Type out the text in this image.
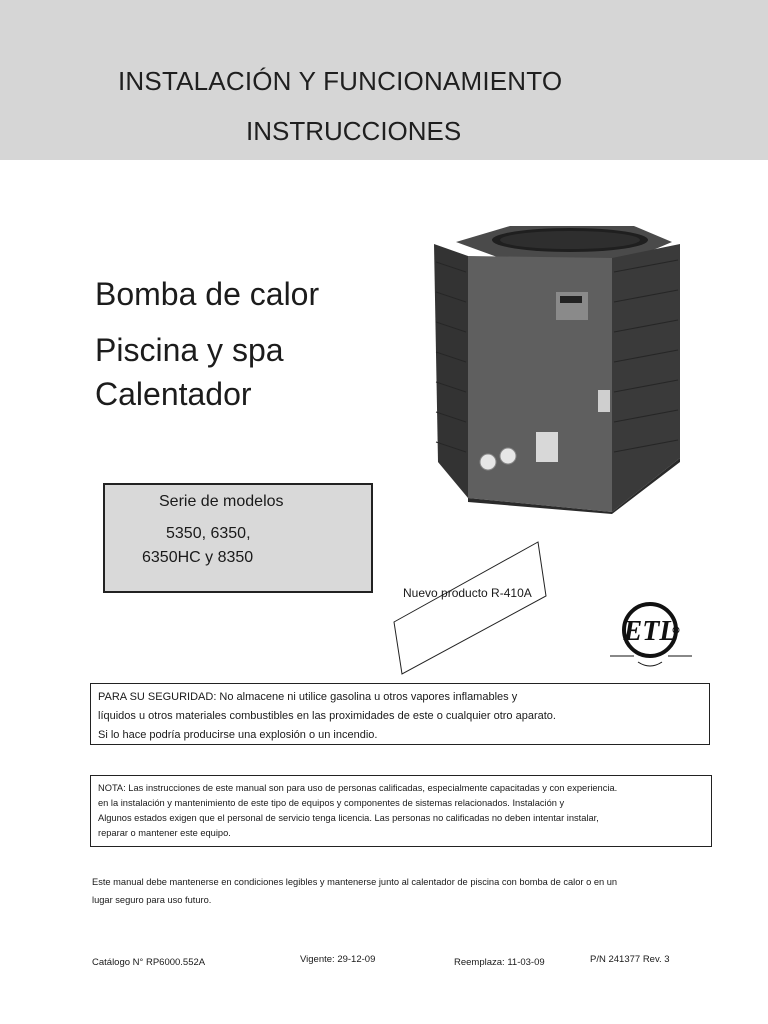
INSTALACIÓN Y FUNCIONAMIENTO
INSTRUCCIONES
Bomba de calor
Piscina y spa
Calentador
Serie de modelos
5350, 6350,
6350HC y 8350
Nuevo producto R-410A
ETL
PARA SU SEGURIDAD: No almacene ni utilice gasolina u otros vapores inflamables y
líquidos u otros materiales combustibles en las proximidades de este o cualquier otro aparato.
Si lo hace podría producirse una explosión o un incendio.
NOTA: Las instrucciones de este manual son para uso de personas calificadas, especialmente capacitadas y con experiencia.
en la instalación y mantenimiento de este tipo de equipos y componentes de sistemas relacionados. Instalación y
Algunos estados exigen que el personal de servicio tenga licencia. Las personas no calificadas no deben intentar instalar,
reparar o mantener este equipo.
Este manual debe mantenerse en condiciones legibles y mantenerse junto al calentador de piscina con bomba de calor o en un
lugar seguro para uso futuro.
Catálogo N° RP6000.552A	Vigente: 29-12-09	Reemplaza: 11-03-09	P/N 241377 Rev. 3
